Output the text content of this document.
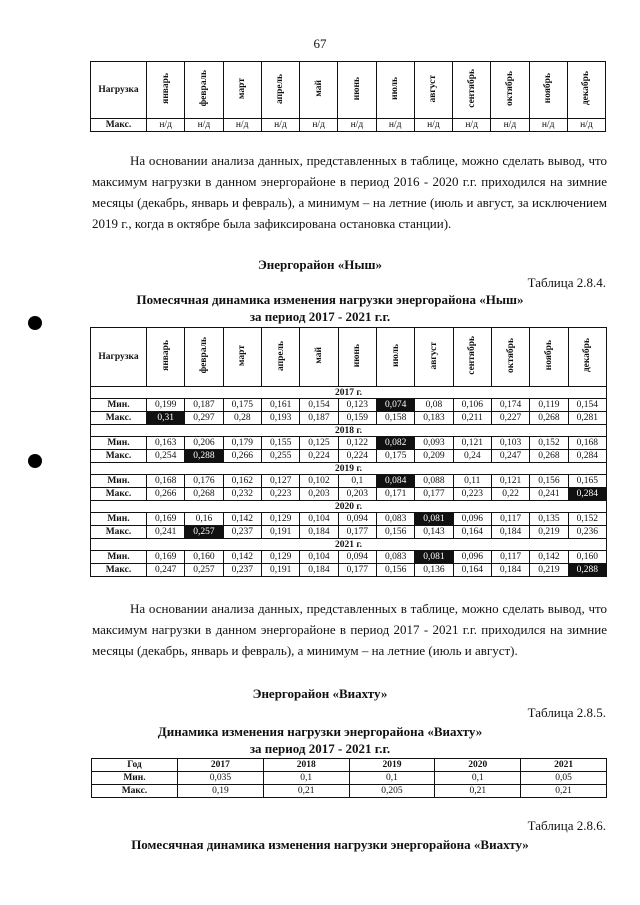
67
Нагрузка	январь	февраль	март	апрель	май	июнь	июль	август	сентябрь	октябрь	ноябрь	декабрь
Макс.	н/д	н/д	н/д	н/д	н/д	н/д	н/д	н/д	н/д	н/д	н/д	н/д
На основании анализа данных, представленных в таблице, можно сделать вывод, что максимум нагрузки в данном энергорайоне в период 2016 - 2020 г.г. приходился на зимние месяцы (декабрь, январь и февраль), а минимум – на летние (июль и август, за исключением 2019 г., когда в октябре была зафиксирована остановка станции).
Энергорайон «Ныш»
Таблица 2.8.4.
Помесячная динамика изменения нагрузки энергорайона «Ныш»
за период 2017 - 2021 г.г.
Нагрузка	январь	февраль	март	апрель	май	июнь	июль	август	сентябрь	октябрь	ноябрь	декабрь
2017 г.												
Мин.	0,199	0,187	0,175	0,161	0,154	0,123	0,074	0,08	0,106	0,174	0,119	0,154
Макс.	0,31	0,297	0,28	0,193	0,187	0,159	0,158	0,183	0,211	0,227	0,268	0,281
2018 г.												
Мин.	0,163	0,206	0,179	0,155	0,125	0,122	0,082	0,093	0,121	0,103	0,152	0,168
Макс.	0,254	0,288	0,266	0,255	0,224	0,224	0,175	0,209	0,24	0,247	0,268	0,284
2019 г.												
Мин.	0,168	0,176	0,162	0,127	0,102	0,1	0,084	0,088	0,11	0,121	0,156	0,165
Макс.	0,266	0,268	0,232	0,223	0,203	0,203	0,171	0,177	0,223	0,22	0,241	0,284
2020 г.												
Мин.	0,169	0,16	0,142	0,129	0,104	0,094	0,083	0,081	0,096	0,117	0,135	0,152
Макс.	0,241	0,257	0,237	0,191	0,184	0,177	0,156	0,143	0,164	0,184	0,219	0,236
2021 г.												
Мин.	0,169	0,160	0,142	0,129	0,104	0,094	0,083	0,081	0,096	0,117	0,142	0,160
Макс.	0,247	0,257	0,237	0,191	0,184	0,177	0,156	0,136	0,164	0,184	0,219	0,288
На основании анализа данных, представленных в таблице, можно сделать вывод, что максимум нагрузки в данном энергорайоне в период 2017 - 2021 г.г. приходился на зимние месяцы (декабрь, январь и февраль), а минимум – на летние (июль и август).
Энергорайон «Виахту»
Таблица 2.8.5.
Динамика изменения нагрузки энергорайона «Виахту»
за период 2017 - 2021 г.г.
Год	2017	2018	2019	2020	2021
Мин.	0,035	0,1	0,1	0,1	0,05
Макс.	0,19	0,21	0,205	0,21	0,21
Таблица 2.8.6.
Помесячная динамика изменения нагрузки энергорайона «Виахту»
